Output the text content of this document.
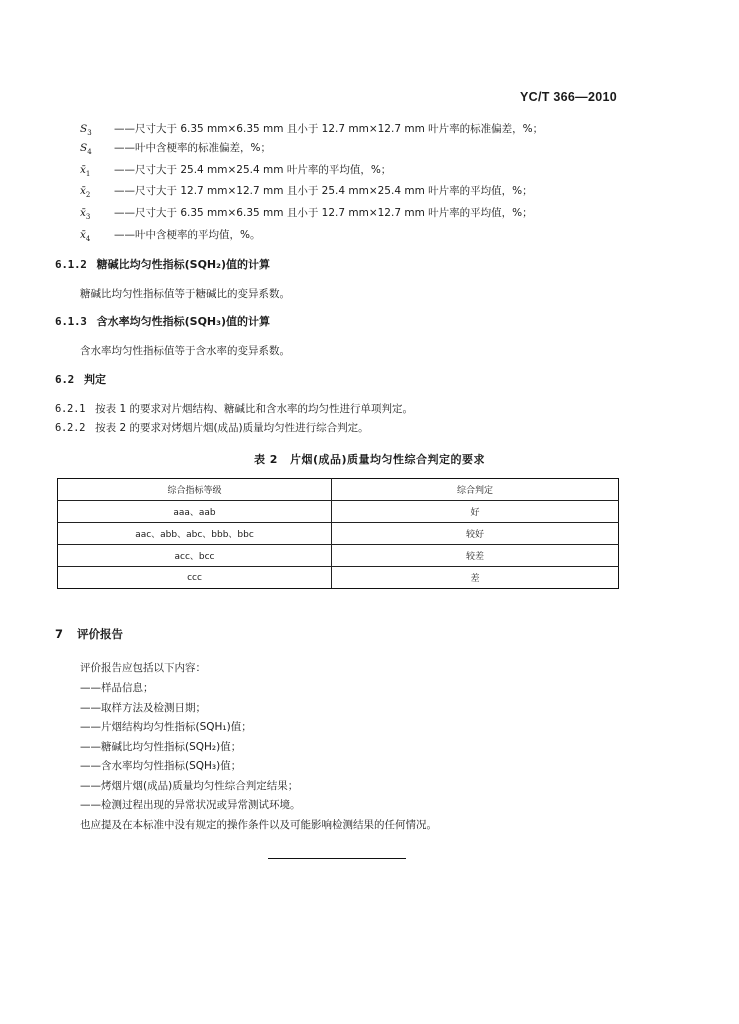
YC/T 366—2010
$S_3$ ——尺寸大于 6.35 mm×6.35 mm 且小于 12.7 mm×12.7 mm 叶片率的标准偏差，%；
$S_4$ ——叶中含梗率的标准偏差，%；
$x̄_1$ ——尺寸大于 25.4 mm×25.4 mm 叶片率的平均值，%；
$x̄_2$ ——尺寸大于 12.7 mm×12.7 mm 且小于 25.4 mm×25.4 mm 叶片率的平均值，%；
$x̄_3$ ——尺寸大于 6.35 mm×6.35 mm 且小于 12.7 mm×12.7 mm 叶片率的平均值，%；
$x̄_4$ ——叶中含梗率的平均值，%。
6.1.2 糖碱比均匀性指标(SQH₂)值的计算
糖碱比均匀性指标值等于糖碱比的变异系数。
6.1.3 含水率均匀性指标(SQH₃)值的计算
含水率均匀性指标值等于含水率的变异系数。
6.2 判定
6.2.1 按表 1 的要求对片烟结构、糖碱比和含水率的均匀性进行单项判定。
6.2.2 按表 2 的要求对烤烟片烟(成品)质量均匀性进行综合判定。
表 2 片烟(成品)质量均匀性综合判定的要求
综合指标等级	综合判定
aaa、aab	好
aac、abb、abc、bbb、bbc	较好
acc、bcc	较差
ccc	差
7 评价报告
评价报告应包括以下内容：
——样品信息；
——取样方法及检测日期；
——片烟结构均匀性指标(SQH₁)值；
——糖碱比均匀性指标(SQH₂)值；
——含水率均匀性指标(SQH₃)值；
——烤烟片烟(成品)质量均匀性综合判定结果；
——检测过程出现的异常状况或异常测试环境。
也应提及在本标准中没有规定的操作条件以及可能影响检测结果的任何情况。
